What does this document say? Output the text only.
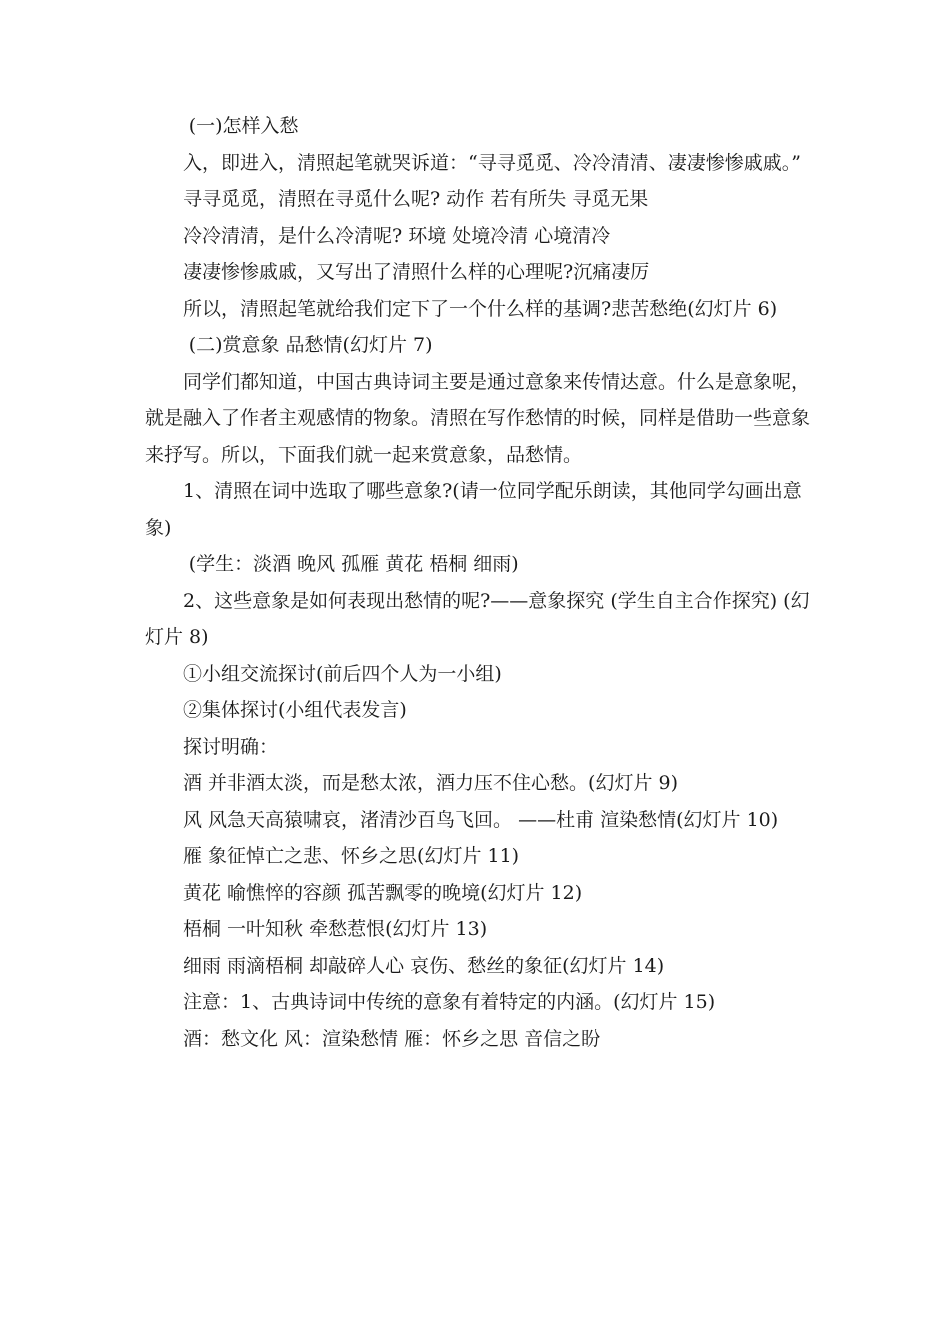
(一)怎样入愁

入，即进入，清照起笔就哭诉道：“寻寻觅觅、冷冷清清、凄凄惨惨戚戚。”

寻寻觅觅，清照在寻觅什么呢? 动作 若有所失 寻觅无果

冷冷清清，是什么冷清呢? 环境 处境冷清 心境清冷

凄凄惨惨戚戚，又写出了清照什么样的心理呢?沉痛凄厉

所以，清照起笔就给我们定下了一个什么样的基调?悲苦愁绝(幻灯片 6)

(二)赏意象 品愁情(幻灯片 7)

同学们都知道，中国古典诗词主要是通过意象来传情达意。什么是意象呢，就是融入了作者主观感情的物象。清照在写作愁情的时候，同样是借助一些意象来抒写。所以，下面我们就一起来赏意象，品愁情。

1、清照在词中选取了哪些意象?(请一位同学配乐朗读，其他同学勾画出意象)

(学生：淡酒 晚风 孤雁 黄花 梧桐 细雨)

2、这些意象是如何表现出愁情的呢?——意象探究 (学生自主合作探究) (幻灯片 8)

①小组交流探讨(前后四个人为一小组)

②集体探讨(小组代表发言)

探讨明确：

酒 并非酒太淡，而是愁太浓，酒力压不住心愁。(幻灯片 9)

风 风急天高猿啸哀，渚清沙百鸟飞回。 ——杜甫 渲染愁情(幻灯片 10)

雁 象征悼亡之悲、怀乡之思(幻灯片 11)

黄花 喻憔悴的容颜 孤苦飘零的晚境(幻灯片 12)

梧桐 一叶知秋 牵愁惹恨(幻灯片 13)

细雨 雨滴梧桐 却敲碎人心 哀伤、愁丝的象征(幻灯片 14)

注意：1、古典诗词中传统的意象有着特定的内涵。(幻灯片 15)

酒：愁文化 风：渲染愁情 雁：怀乡之思 音信之盼
